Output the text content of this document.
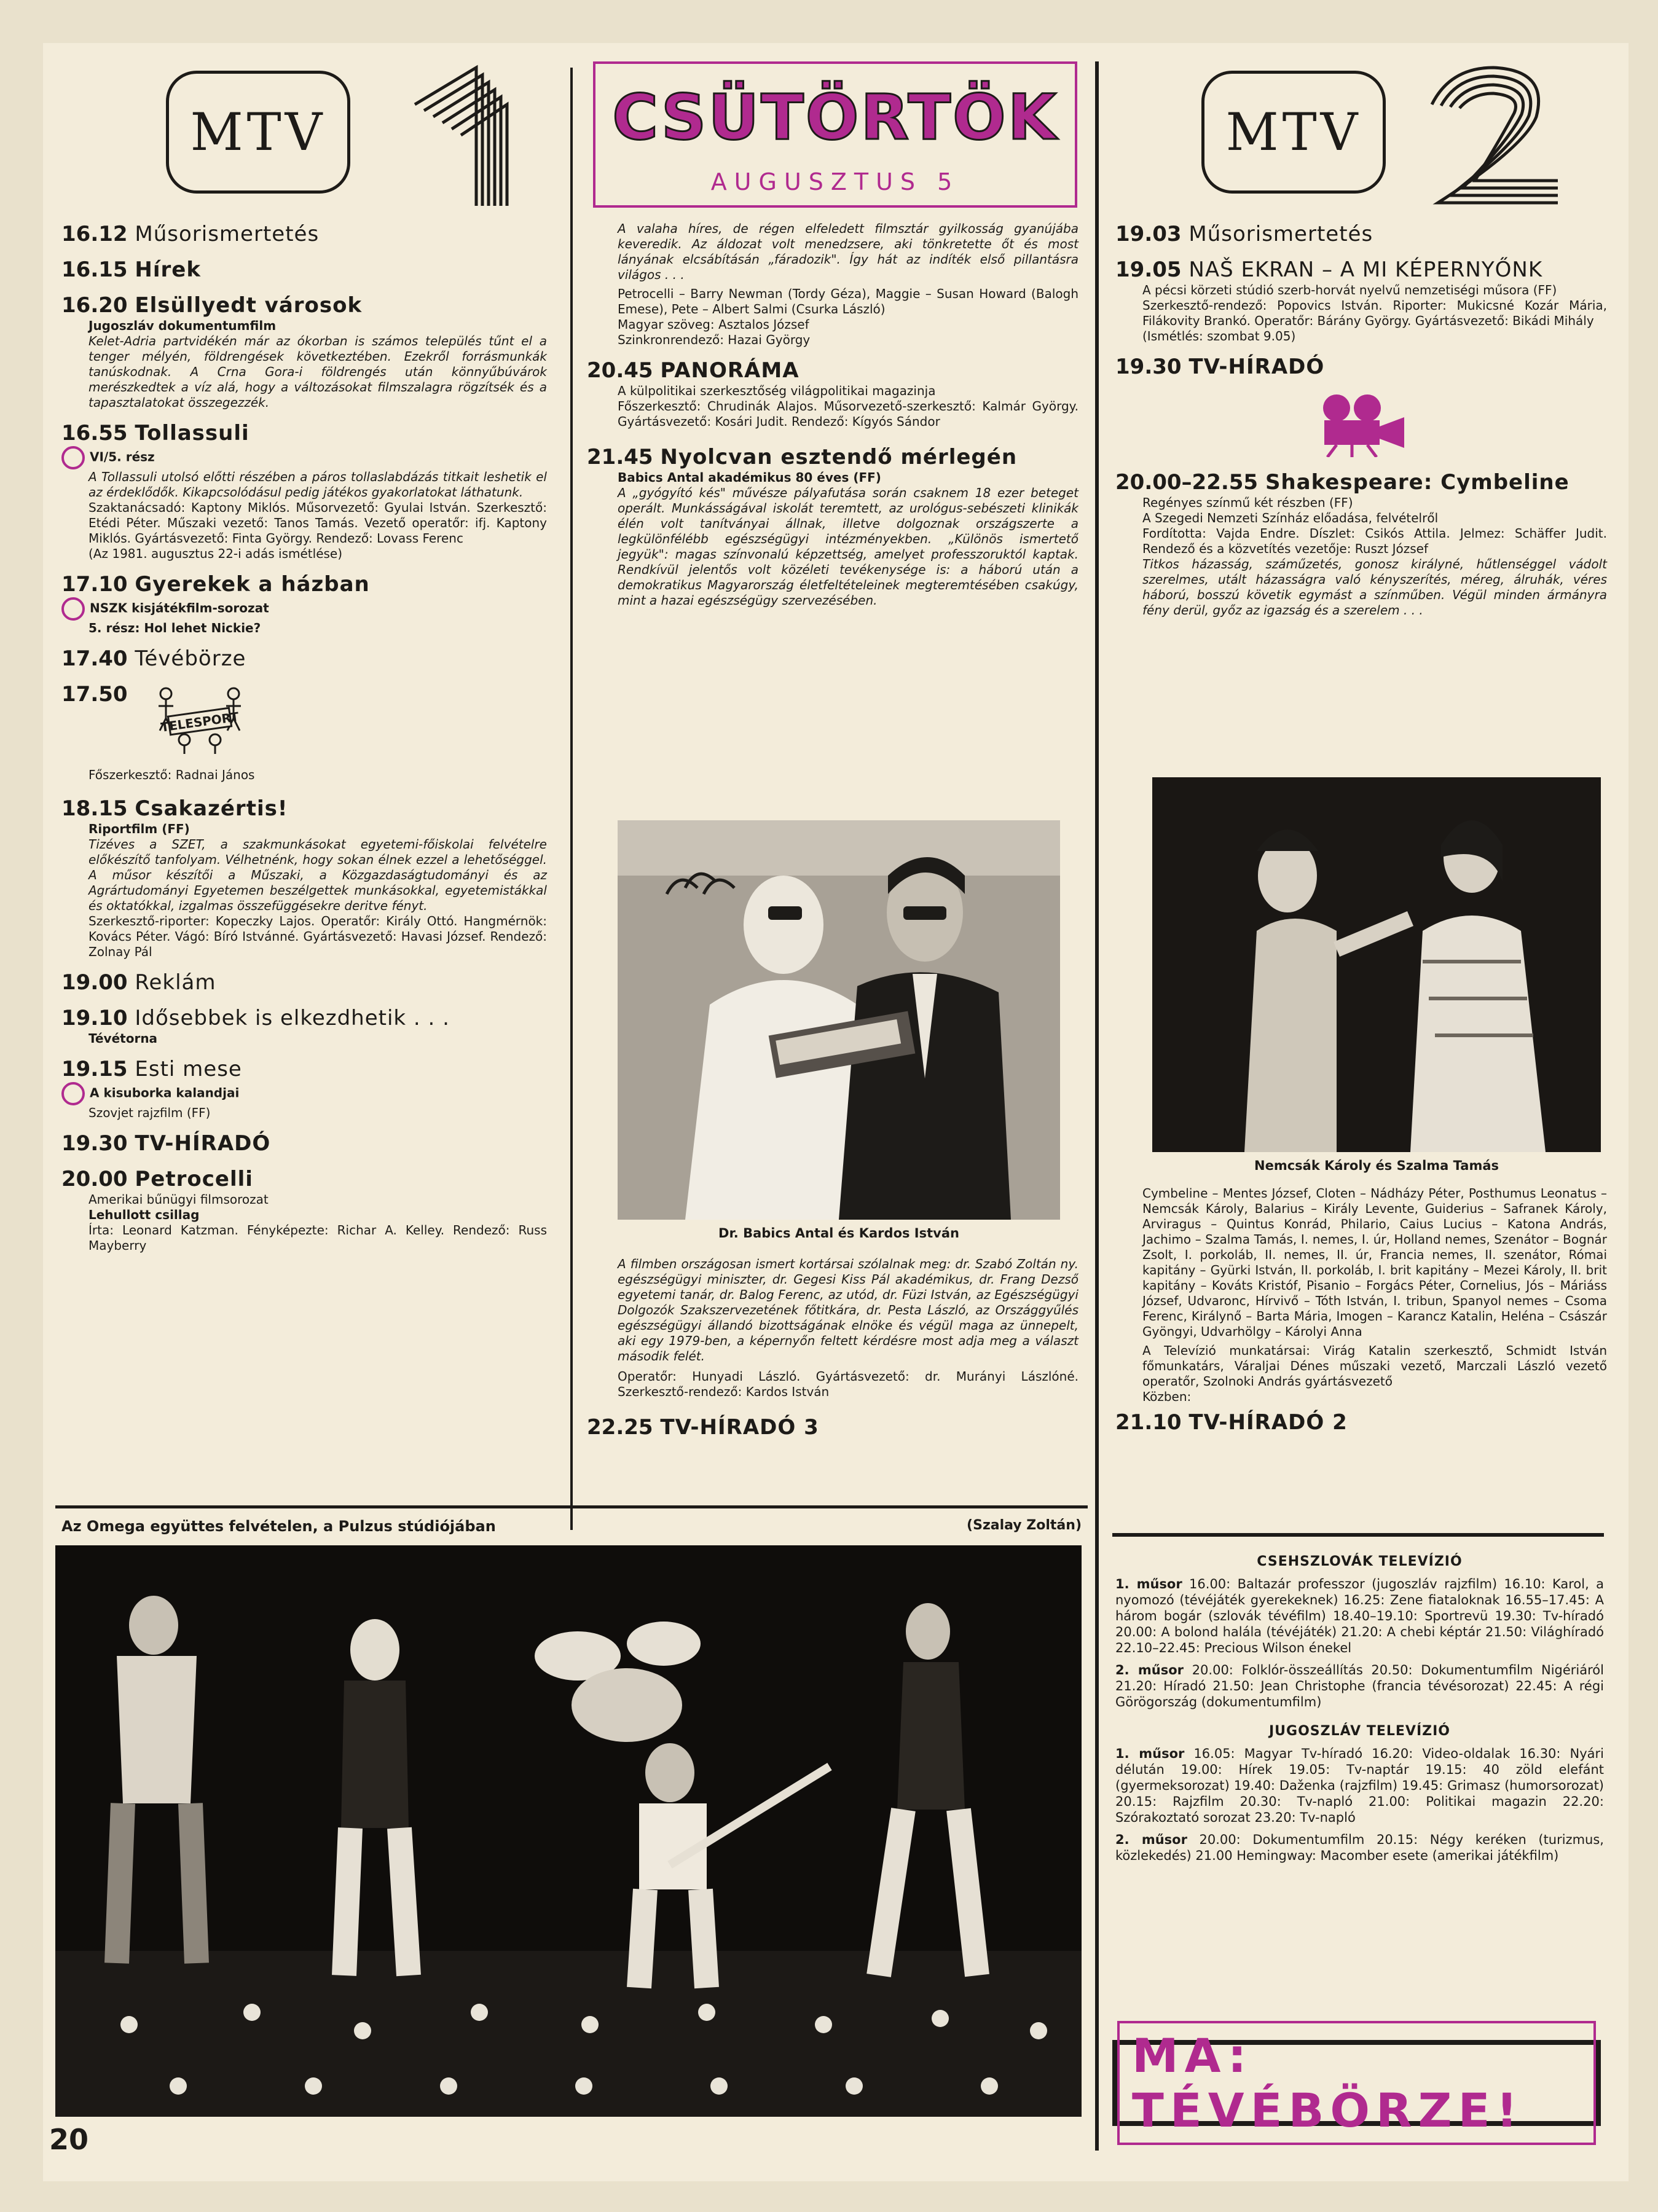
MTV	CSÜTÖRTÖK
AUGUSZTUS 5
MTV
16.12 Műsorismertetés
16.15 Hírek
16.20 Elsüllyedt városok
Jugoszláv dokumentumfilm
Kelet-Adria partvidékén már az ókorban is számos település tűnt el a tenger mélyén, földrengések következtében. Ezekről forrásmunkák tanúskodnak. A Crna Gora-i földrengés után könnyűbúvárok merészkedtek a víz alá, hogy a változásokat filmszalagra rögzítsék és a tapasztalatokat összegezzék.
16.55 Tollassuli
VI/5. rész
A Tollassuli utolsó előtti részében a páros tollaslabdázás titkait leshetik el az érdeklődők. Kikapcsolódásul pedig játékos gyakorlatokat láthatunk.
Szaktanácsadó: Kaptony Miklós. Műsorvezető: Gyulai István. Szerkesztő: Etédi Péter. Műszaki vezető: Tanos Tamás. Vezető operatőr: ifj. Kaptony Miklós. Gyártásvezető: Finta György. Rendező: Lovass Ferenc
(Az 1981. augusztus 22-i adás ismétlése)
17.10 Gyerekek a házban
NSZK kisjátékfilm-sorozat
5. rész: Hol lehet Nickie?
17.40 Tévébörze
17.50
TELESPORT
Főszerkesztő: Radnai János
18.15 Csakazértis!
Riportfilm (FF)
Tizéves a SZET, a szakmunkásokat egyetemi-főiskolai felvételre előkészítő tanfolyam. Vélhetnénk, hogy sokan élnek ezzel a lehetőséggel. A műsor készítői a Műszaki, a Közgazdaságtudományi és az Agrártudományi Egyetemen beszélgettek munkásokkal, egyetemistákkal és oktatókkal, izgalmas összefüggésekre deritve fényt.
Szerkesztő-riporter: Kopeczky Lajos. Operatőr: Király Ottó. Hangmérnök: Kovács Péter. Vágó: Bíró Istvánné. Gyártásvezető: Havasi József. Rendező: Zolnay Pál
19.00 Reklám
19.10 Idősebbek is elkezdhetik . . .
Tévétorna
19.15 Esti mese
A kisuborka kalandjai
Szovjet rajzfilm (FF)
19.30 TV-HÍRADÓ
20.00 Petrocelli
Amerikai bűnügyi filmsorozat
Lehullott csillag
Írta: Leonard Katzman. Fényképezte: Richar A. Kelley. Rendező: Russ Mayberry
A valaha híres, de régen elfeledett filmsztár gyilkosság gyanújába keveredik. Az áldozat volt menedzsere, aki tönkretette őt és most lányának elcsábításán „fáradozik". Így hát az indíték első pillantásra világos . . .
Petrocelli – Barry Newman (Tordy Géza), Maggie – Susan Howard (Balogh Emese), Pete – Albert Salmi (Csurka László)
Magyar szöveg: Asztalos József
Szinkronrendező: Hazai György
20.45 PANORÁMA
A külpolitikai szerkesztőség világpolitikai magazinja
Főszerkesztő: Chrudinák Alajos. Műsorvezető-szerkesztő: Kalmár György. Gyártásvezető: Kosári Judit. Rendező: Kígyós Sándor
21.45 Nyolcvan esztendő mérlegén
Babics Antal akadémikus 80 éves (FF)
A „gyógyító kés" művésze pályafutása során csaknem 18 ezer beteget operált. Munkásságával iskolát teremtett, az urológus-sebészeti klinikák élén volt tanítványai állnak, illetve dolgoznak országszerte a legkülönfélébb egészségügyi intézményekben. „Különös ismertető jegyük": magas színvonalú képzettség, amelyet professzoruktól kaptak. Rendkívül jelentős volt közéleti tevékenysége is: a háború után a demokratikus Magyarország életfeltételeinek megteremtésében csakúgy, mint a hazai egészségügy szervezésében.
Dr. Babics Antal és Kardos István
A filmben országosan ismert kortársai szólalnak meg: dr. Szabó Zoltán ny. egészségügyi miniszter, dr. Gegesi Kiss Pál akadémikus, dr. Frang Dezső egyetemi tanár, dr. Balog Ferenc, az utód, dr. Füzi István, az Egészségügyi Dolgozók Szakszervezetének főtitkára, dr. Pesta László, az Országgyűlés egészségügyi állandó bizottságának elnöke és végül maga az ünnepelt, aki egy 1979-ben, a képernyőn feltett kérdésre most adja meg a választ második felét.
Operatőr: Hunyadi László. Gyártásvezető: dr. Murányi Lászlóné. Szerkesztő-rendező: Kardos István
22.25 TV-HÍRADÓ 3
19.03 Műsorismertetés
19.05 NAŠ EKRAN – A MI KÉPERNYŐNK
A pécsi körzeti stúdió szerb-horvát nyelvű nemzetiségi műsora (FF)
Szerkesztő-rendező: Popovics István. Riporter: Mukicsné Kozár Mária, Filákovity Brankó. Operatőr: Bárány György. Gyártásvezető: Bikádi Mihály
(Ismétlés: szombat 9.05)
19.30 TV-HÍRADÓ
20.00–22.55 Shakespeare: Cymbeline
Regényes színmű két részben (FF)
A Szegedi Nemzeti Színház előadása, felvételről
Fordította: Vajda Endre. Díszlet: Csikós Attila. Jelmez: Schäffer Judit. Rendező és a közvetítés vezetője: Ruszt József
Titkos házasság, száműzetés, gonosz királyné, hűtlenséggel vádolt szerelmes, utált házasságra való kényszerítés, méreg, álruhák, véres háború, bosszú követik egymást a színműben. Végül minden ármányra fény derül, győz az igazság és a szerelem . . .
Nemcsák Károly és Szalma Tamás
Cymbeline – Mentes József, Cloten – Nádházy Péter, Posthumus Leonatus – Nemcsák Károly, Balarius – Király Levente, Guiderius – Safranek Károly, Arviragus – Quintus Konrád, Philario, Caius Lucius – Katona András, Jachimo – Szalma Tamás, I. nemes, I. úr, Holland nemes, Szenátor – Bognár Zsolt, I. porkoláb, II. nemes, II. úr, Francia nemes, II. szenátor, Római kapitány – Gyürki István, II. porkoláb, I. brit kapitány – Mezei Károly, II. brit kapitány – Kováts Kristóf, Pisanio – Forgács Péter, Cornelius, Jós – Máriáss József, Udvaronc, Hírvivő – Tóth István, I. tribun, Spanyol nemes – Csoma Ferenc, Királynő – Barta Mária, Imogen – Karancz Katalin, Heléna – Császár Gyöngyi, Udvarhölgy – Károlyi Anna
A Televízió munkatársai: Virág Katalin szerkesztő, Schmidt István főmunkatárs, Váraljai Dénes műszaki vezető, Marczali László vezető operatőr, Szolnoki András gyártásvezető
Közben:
21.10 TV-HÍRADÓ 2
CSEHSZLOVÁK TELEVÍZIÓ
1. műsor 16.00: Baltazár professzor (jugoszláv rajzfilm) 16.10: Karol, a nyomozó (tévéjáték gyerekeknek) 16.25: Zene fiataloknak 16.55–17.45: A három bogár (szlovák tévéfilm) 18.40–19.10: Sportrevü 19.30: Tv-híradó 20.00: A bolond halála (tévéjáték) 21.20: A chebi képtár 21.50: Világhíradó 22.10–22.45: Precious Wilson énekel
2. műsor 20.00: Folklór-összeállítás 20.50: Dokumentumfilm Nigériáról 21.20: Híradó 21.50: Jean Christophe (francia tévésorozat) 22.45: A régi Görögország (dokumentumfilm)
JUGOSZLÁV TELEVÍZIÓ
1. műsor 16.05: Magyar Tv-híradó 16.20: Video-oldalak 16.30: Nyári délután 19.00: Hírek 19.05: Tv-naptár 19.15: 40 zöld elefánt (gyermeksorozat) 19.40: Daženka (rajzfilm) 19.45: Grimasz (humorsorozat) 20.15: Rajzfilm 20.30: Tv-napló 21.00: Politikai magazin 22.20: Szórakoztató sorozat 23.20: Tv-napló
2. műsor 20.00: Dokumentumfilm 20.15: Négy keréken (turizmus, közlekedés) 21.00 Hemingway: Macomber esete (amerikai játékfilm)
MA: TÉVÉBÖRZE!
Az Omega együttes felvételen, a Pulzus stúdiójában	(Szalay Zoltán)
20
